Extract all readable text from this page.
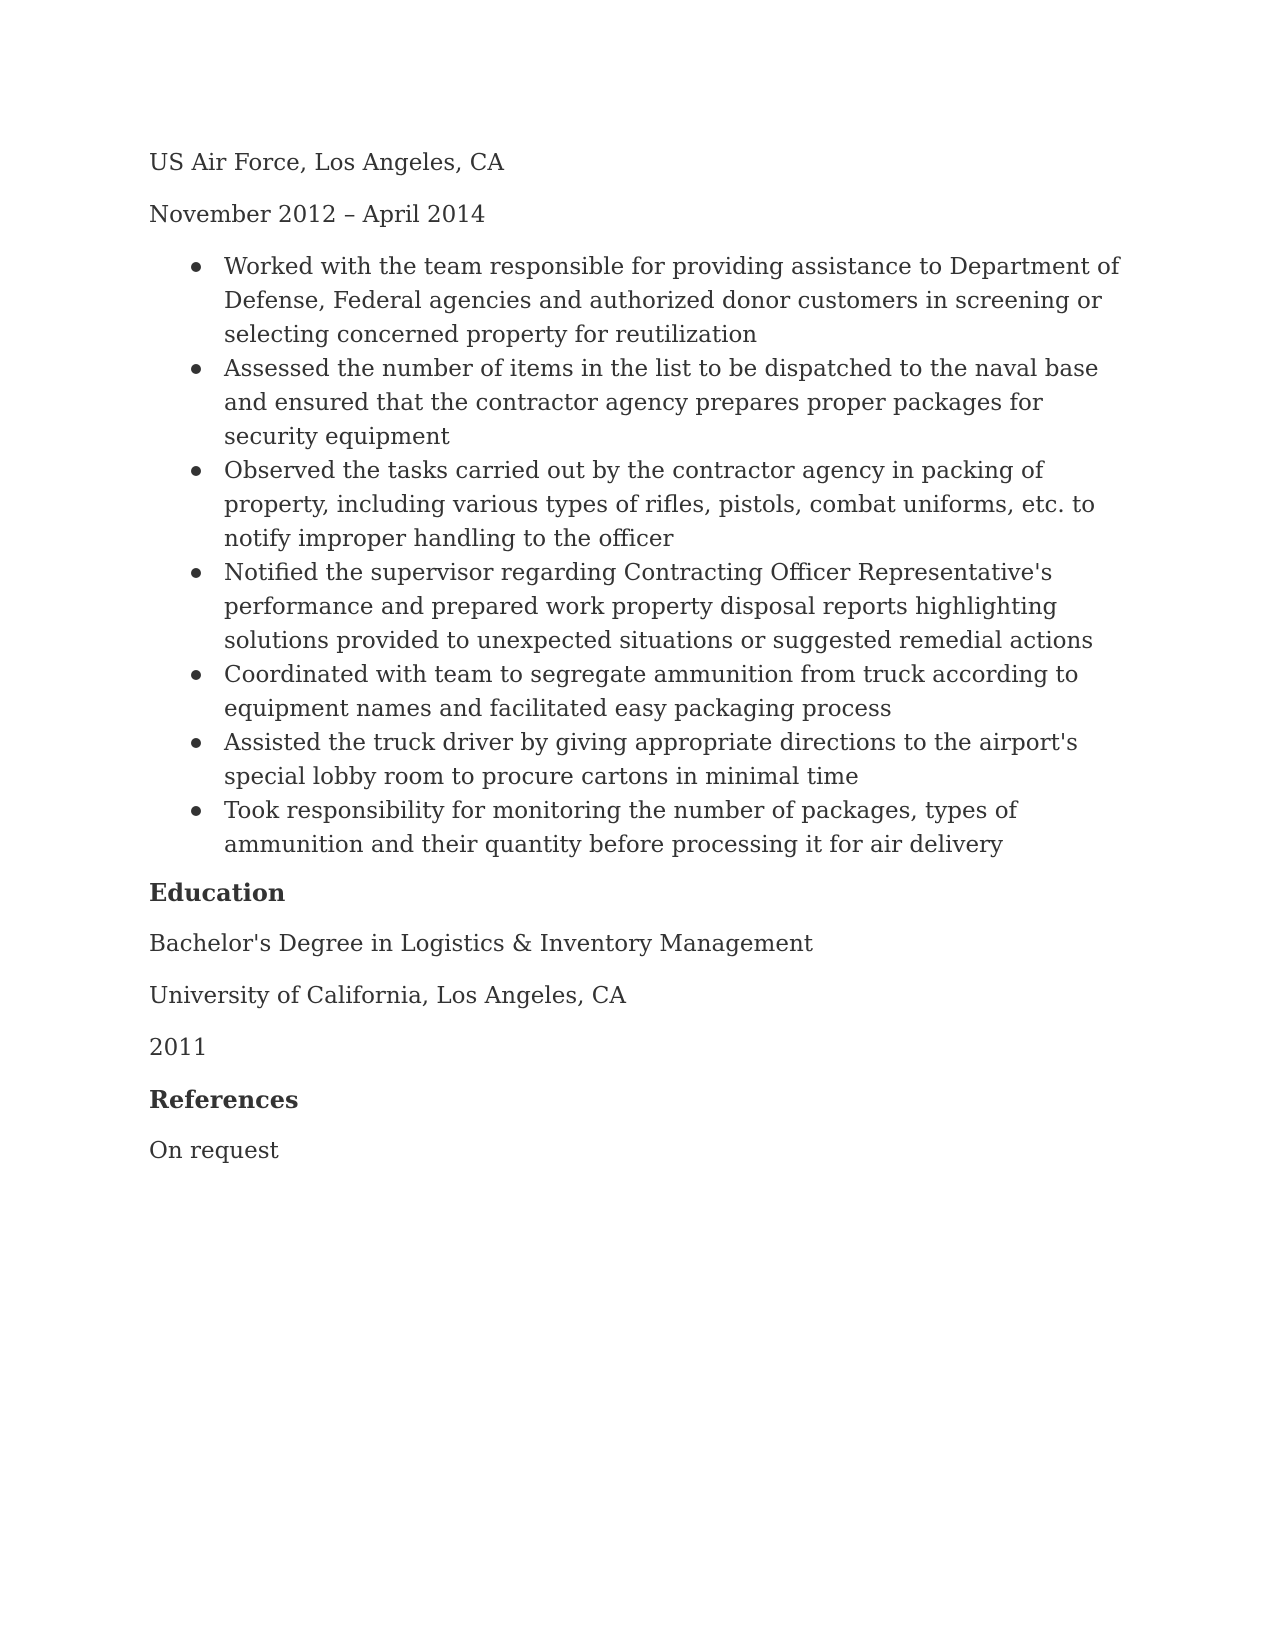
US Air Force, Los Angeles, CA

November 2012 – April 2014

Worked with the team responsible for providing assistance to Department of Defense, Federal agencies and authorized donor customers in screening or selecting concerned property for reutilization
Assessed the number of items in the list to be dispatched to the naval base and ensured that the contractor agency prepares proper packages for security equipment
Observed the tasks carried out by the contractor agency in packing of property, including various types of rifles, pistols, combat uniforms, etc. to notify improper handling to the officer
Notified the supervisor regarding Contracting Officer Representative's performance and prepared work property disposal reports highlighting solutions provided to unexpected situations or suggested remedial actions
Coordinated with team to segregate ammunition from truck according to equipment names and facilitated easy packaging process
Assisted the truck driver by giving appropriate directions to the airport's special lobby room to procure cartons in minimal time
Took responsibility for monitoring the number of packages, types of ammunition and their quantity before processing it for air delivery
Education

Bachelor's Degree in Logistics & Inventory Management

University of California, Los Angeles, CA

2011

References

On request
